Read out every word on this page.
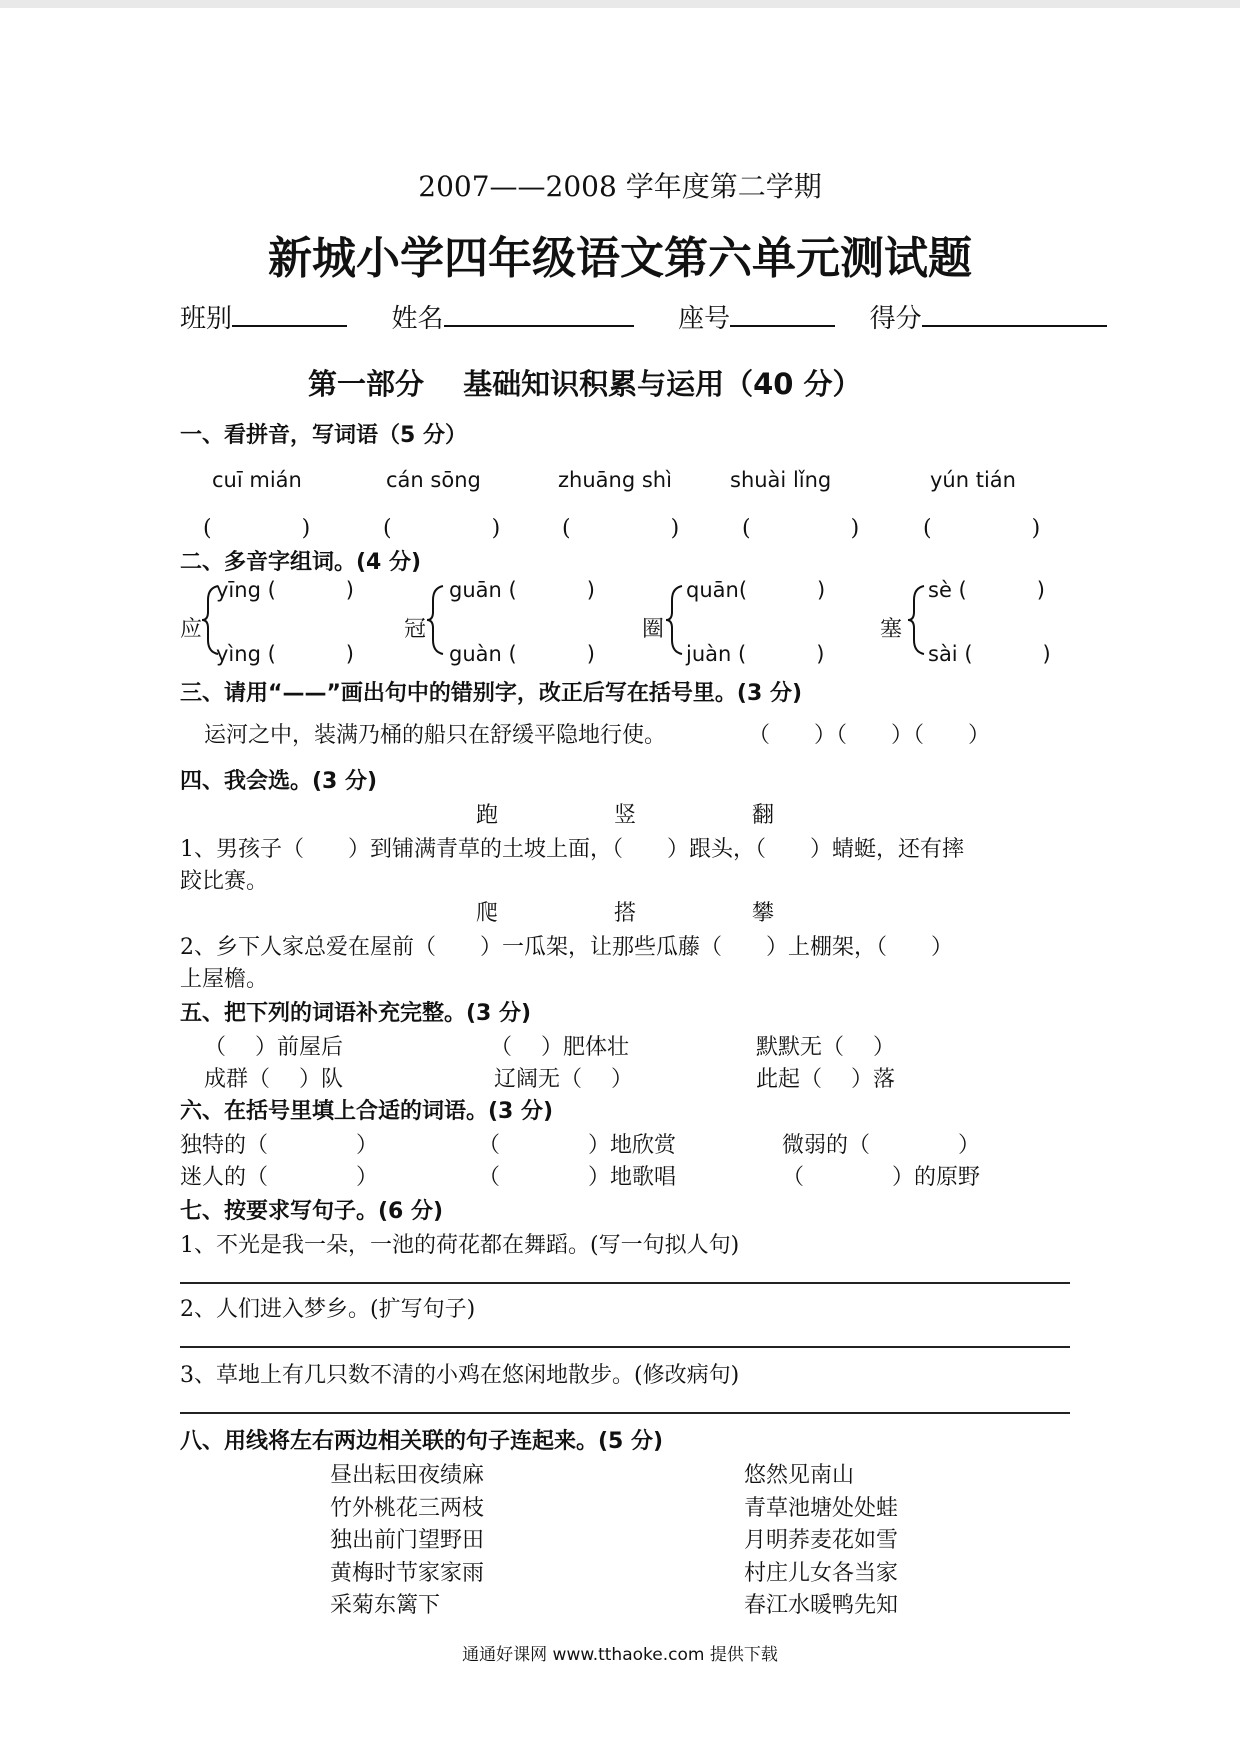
2007——2008 学年度第二学期
新城小学四年级语文第六单元测试题
班别	姓名	座号	得分
第一部分　 基础知识积累与运用（40 分）
一、看拼音，写词语（5 分）
cuī mián	cán sōng	zhuāng shì	shuài lǐng	yún tián
(	)	(	)	(	)	(	)	(	)
二、多音字组词。(4 分)
应
yīng (	)
yìng (	)
冠
guān (	)
guàn (	)
圈
quān(	)
juàn (	)
塞
sè (	)
sài (	)
三、请用“——”画出句中的错别字，改正后写在括号里。(3 分)
运河之中，装满乃桶的船只在舒缓平隐地行使。	（　　）（　　）（　　）
四、我会选。(3 分)
跑	竖	翻
1、男孩子（　　）到铺满青草的土坡上面，（　　）跟头，（　　）蜻蜓，还有摔
跤比赛。
爬	搭	攀
2、乡下人家总爱在屋前（　　）一瓜架，让那些瓜藤（　　）上棚架，（　　）
上屋檐。
五、把下列的词语补充完整。(3 分)
（　 ）前屋后	（　 ）肥体壮	默默无（　 ）
成群（　 ）队	辽阔无（　 ）	此起（　 ）落
六、在括号里填上合适的词语。(3 分)
独特的（　　　　）	（　　　　）地欣赏	微弱的（　　　　）
迷人的（　　　　）	（　　　　）地歌唱	（　　　　）的原野
七、按要求写句子。(6 分)
1、不光是我一朵，一池的荷花都在舞蹈。(写一句拟人句)
2、人们进入梦乡。(扩写句子)
3、草地上有几只数不清的小鸡在悠闲地散步。(修改病句)
八、用线将左右两边相关联的句子连起来。(5 分)
昼出耘田夜绩麻
竹外桃花三两枝
独出前门望野田
黄梅时节家家雨
采菊东篱下
悠然见南山
青草池塘处处蛙
月明荞麦花如雪
村庄儿女各当家
春江水暖鸭先知
通通好课网 www.tthaoke.com 提供下载
